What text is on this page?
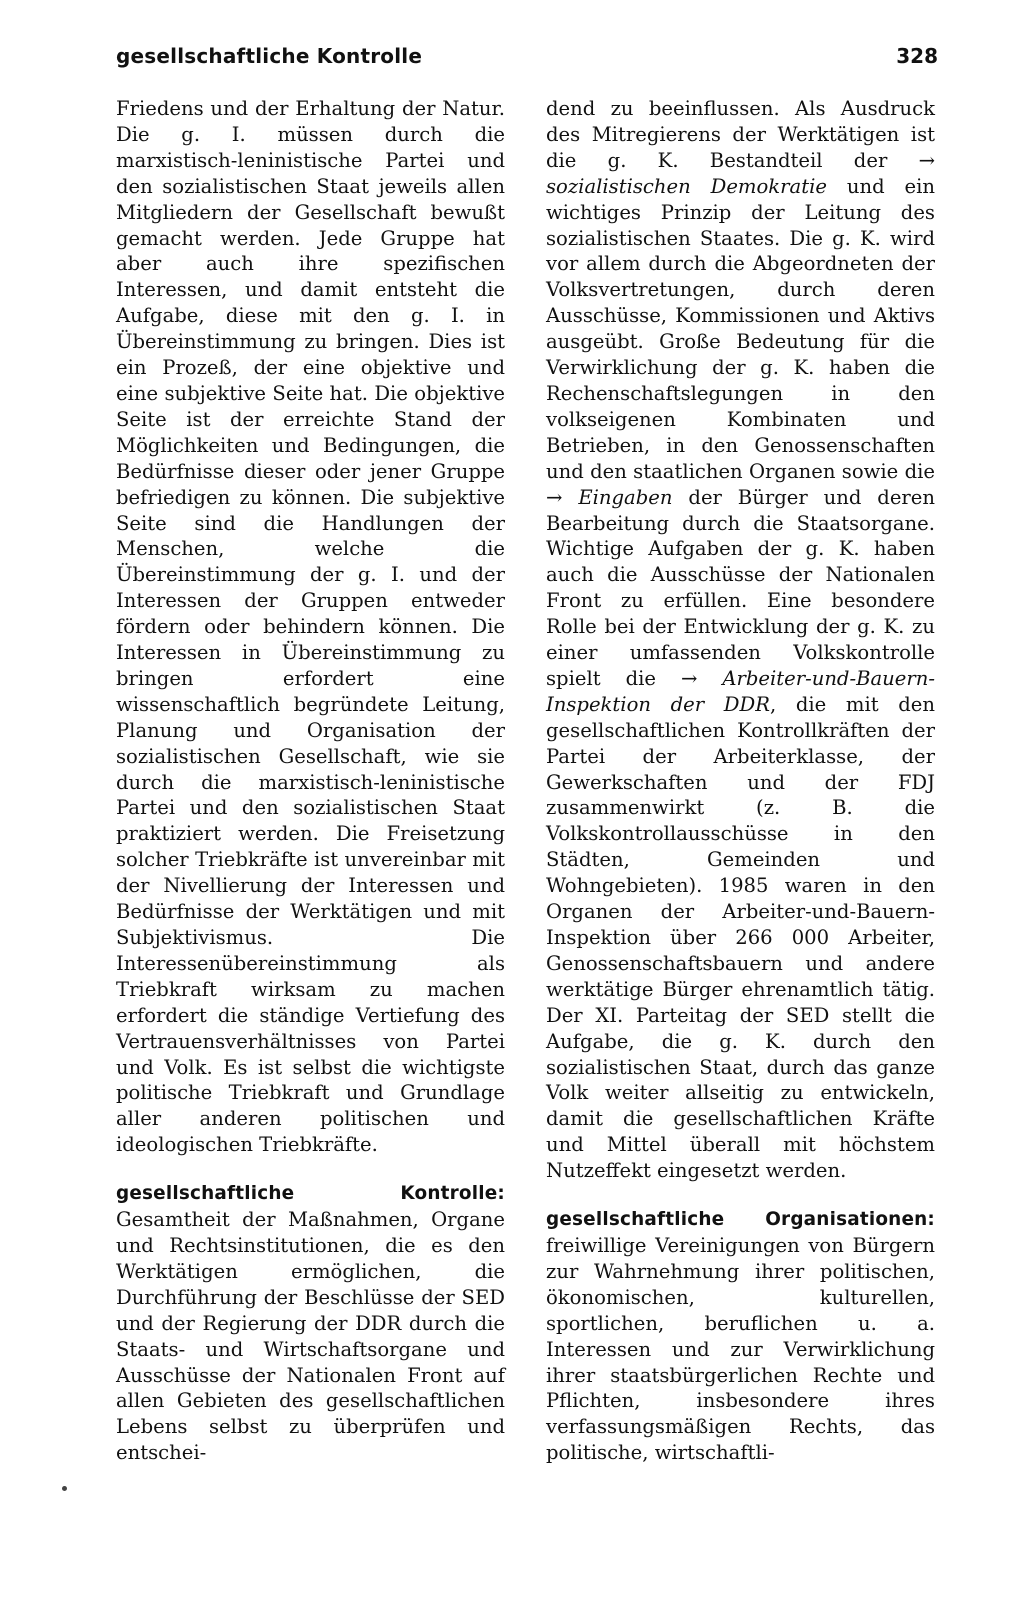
gesellschaftliche Kontrolle	328

Friedens und der Erhaltung der Natur. Die g. I. müssen durch die marxistisch-leninistische Partei und den sozialistischen Staat jeweils allen Mitgliedern der Gesellschaft bewußt gemacht werden. Jede Gruppe hat aber auch ihre spezifischen Interessen, und damit entsteht die Aufgabe, diese mit den g. I. in Übereinstimmung zu bringen. Dies ist ein Prozeß, der eine objektive und eine subjektive Seite hat. Die objektive Seite ist der erreichte Stand der Möglichkeiten und Bedingungen, die Bedürfnisse dieser oder jener Gruppe befriedigen zu können. Die subjektive Seite sind die Handlungen der Menschen, welche die Übereinstimmung der g. I. und der Interessen der Gruppen entweder fördern oder behindern können. Die Interessen in Übereinstimmung zu bringen erfordert eine wissenschaftlich begründete Leitung, Planung und Organisation der sozialistischen Gesellschaft, wie sie durch die marxistisch-leninistische Partei und den sozialistischen Staat praktiziert werden. Die Freisetzung solcher Triebkräfte ist unvereinbar mit der Nivellierung der Interessen und Bedürfnisse der Werktätigen und mit Subjektivismus. Die Interessenübereinstimmung als Triebkraft wirksam zu machen erfordert die ständige Vertiefung des Vertrauensverhältnisses von Partei und Volk. Es ist selbst die wichtigste politische Triebkraft und Grundlage aller anderen politischen und ideologischen Triebkräfte.

gesellschaftliche Kontrolle: Gesamtheit der Maßnahmen, Organe und Rechtsinstitutionen, die es den Werktätigen ermöglichen, die Durchführung der Beschlüsse der SED und der Regierung der DDR durch die Staats- und Wirtschaftsorgane und Ausschüsse der Nationalen Front auf allen Gebieten des gesellschaftlichen Lebens selbst zu überprüfen und entschei-

dend zu beeinflussen. Als Ausdruck des Mitregierens der Werktätigen ist die g. K. Bestandteil der → sozialistischen Demokratie und ein wichtiges Prinzip der Leitung des sozialistischen Staates. Die g. K. wird vor allem durch die Abgeordneten der Volksvertretungen, durch deren Ausschüsse, Kommissionen und Aktivs ausgeübt. Große Bedeutung für die Verwirklichung der g. K. haben die Rechenschaftslegungen in den volkseigenen Kombinaten und Betrieben, in den Genossenschaften und den staatlichen Organen sowie die → Eingaben der Bürger und deren Bearbeitung durch die Staatsorgane. Wichtige Aufgaben der g. K. haben auch die Ausschüsse der Nationalen Front zu erfüllen. Eine besondere Rolle bei der Entwicklung der g. K. zu einer umfassenden Volkskontrolle spielt die → Arbeiter-und-Bauern-Inspektion der DDR, die mit den gesellschaftlichen Kontrollkräften der Partei der Arbeiterklasse, der Gewerkschaften und der FDJ zusammenwirkt (z. B. die Volkskontrollausschüsse in den Städten, Gemeinden und Wohngebieten). 1985 waren in den Organen der Arbeiter-und-Bauern-Inspektion über 266 000 Arbeiter, Genossenschaftsbauern und andere werktätige Bürger ehrenamtlich tätig. Der XI. Parteitag der SED stellt die Aufgabe, die g. K. durch den sozialistischen Staat, durch das ganze Volk weiter allseitig zu entwickeln, damit die gesellschaftlichen Kräfte und Mittel überall mit höchstem Nutzeffekt eingesetzt werden.

gesellschaftliche Organisationen: freiwillige Vereinigungen von Bürgern zur Wahrnehmung ihrer politischen, ökonomischen, kulturellen, sportlichen, beruflichen u. a. Interessen und zur Verwirklichung ihrer staatsbürgerlichen Rechte und Pflichten, insbesondere ihres verfassungsmäßigen Rechts, das politische, wirtschaftli-
